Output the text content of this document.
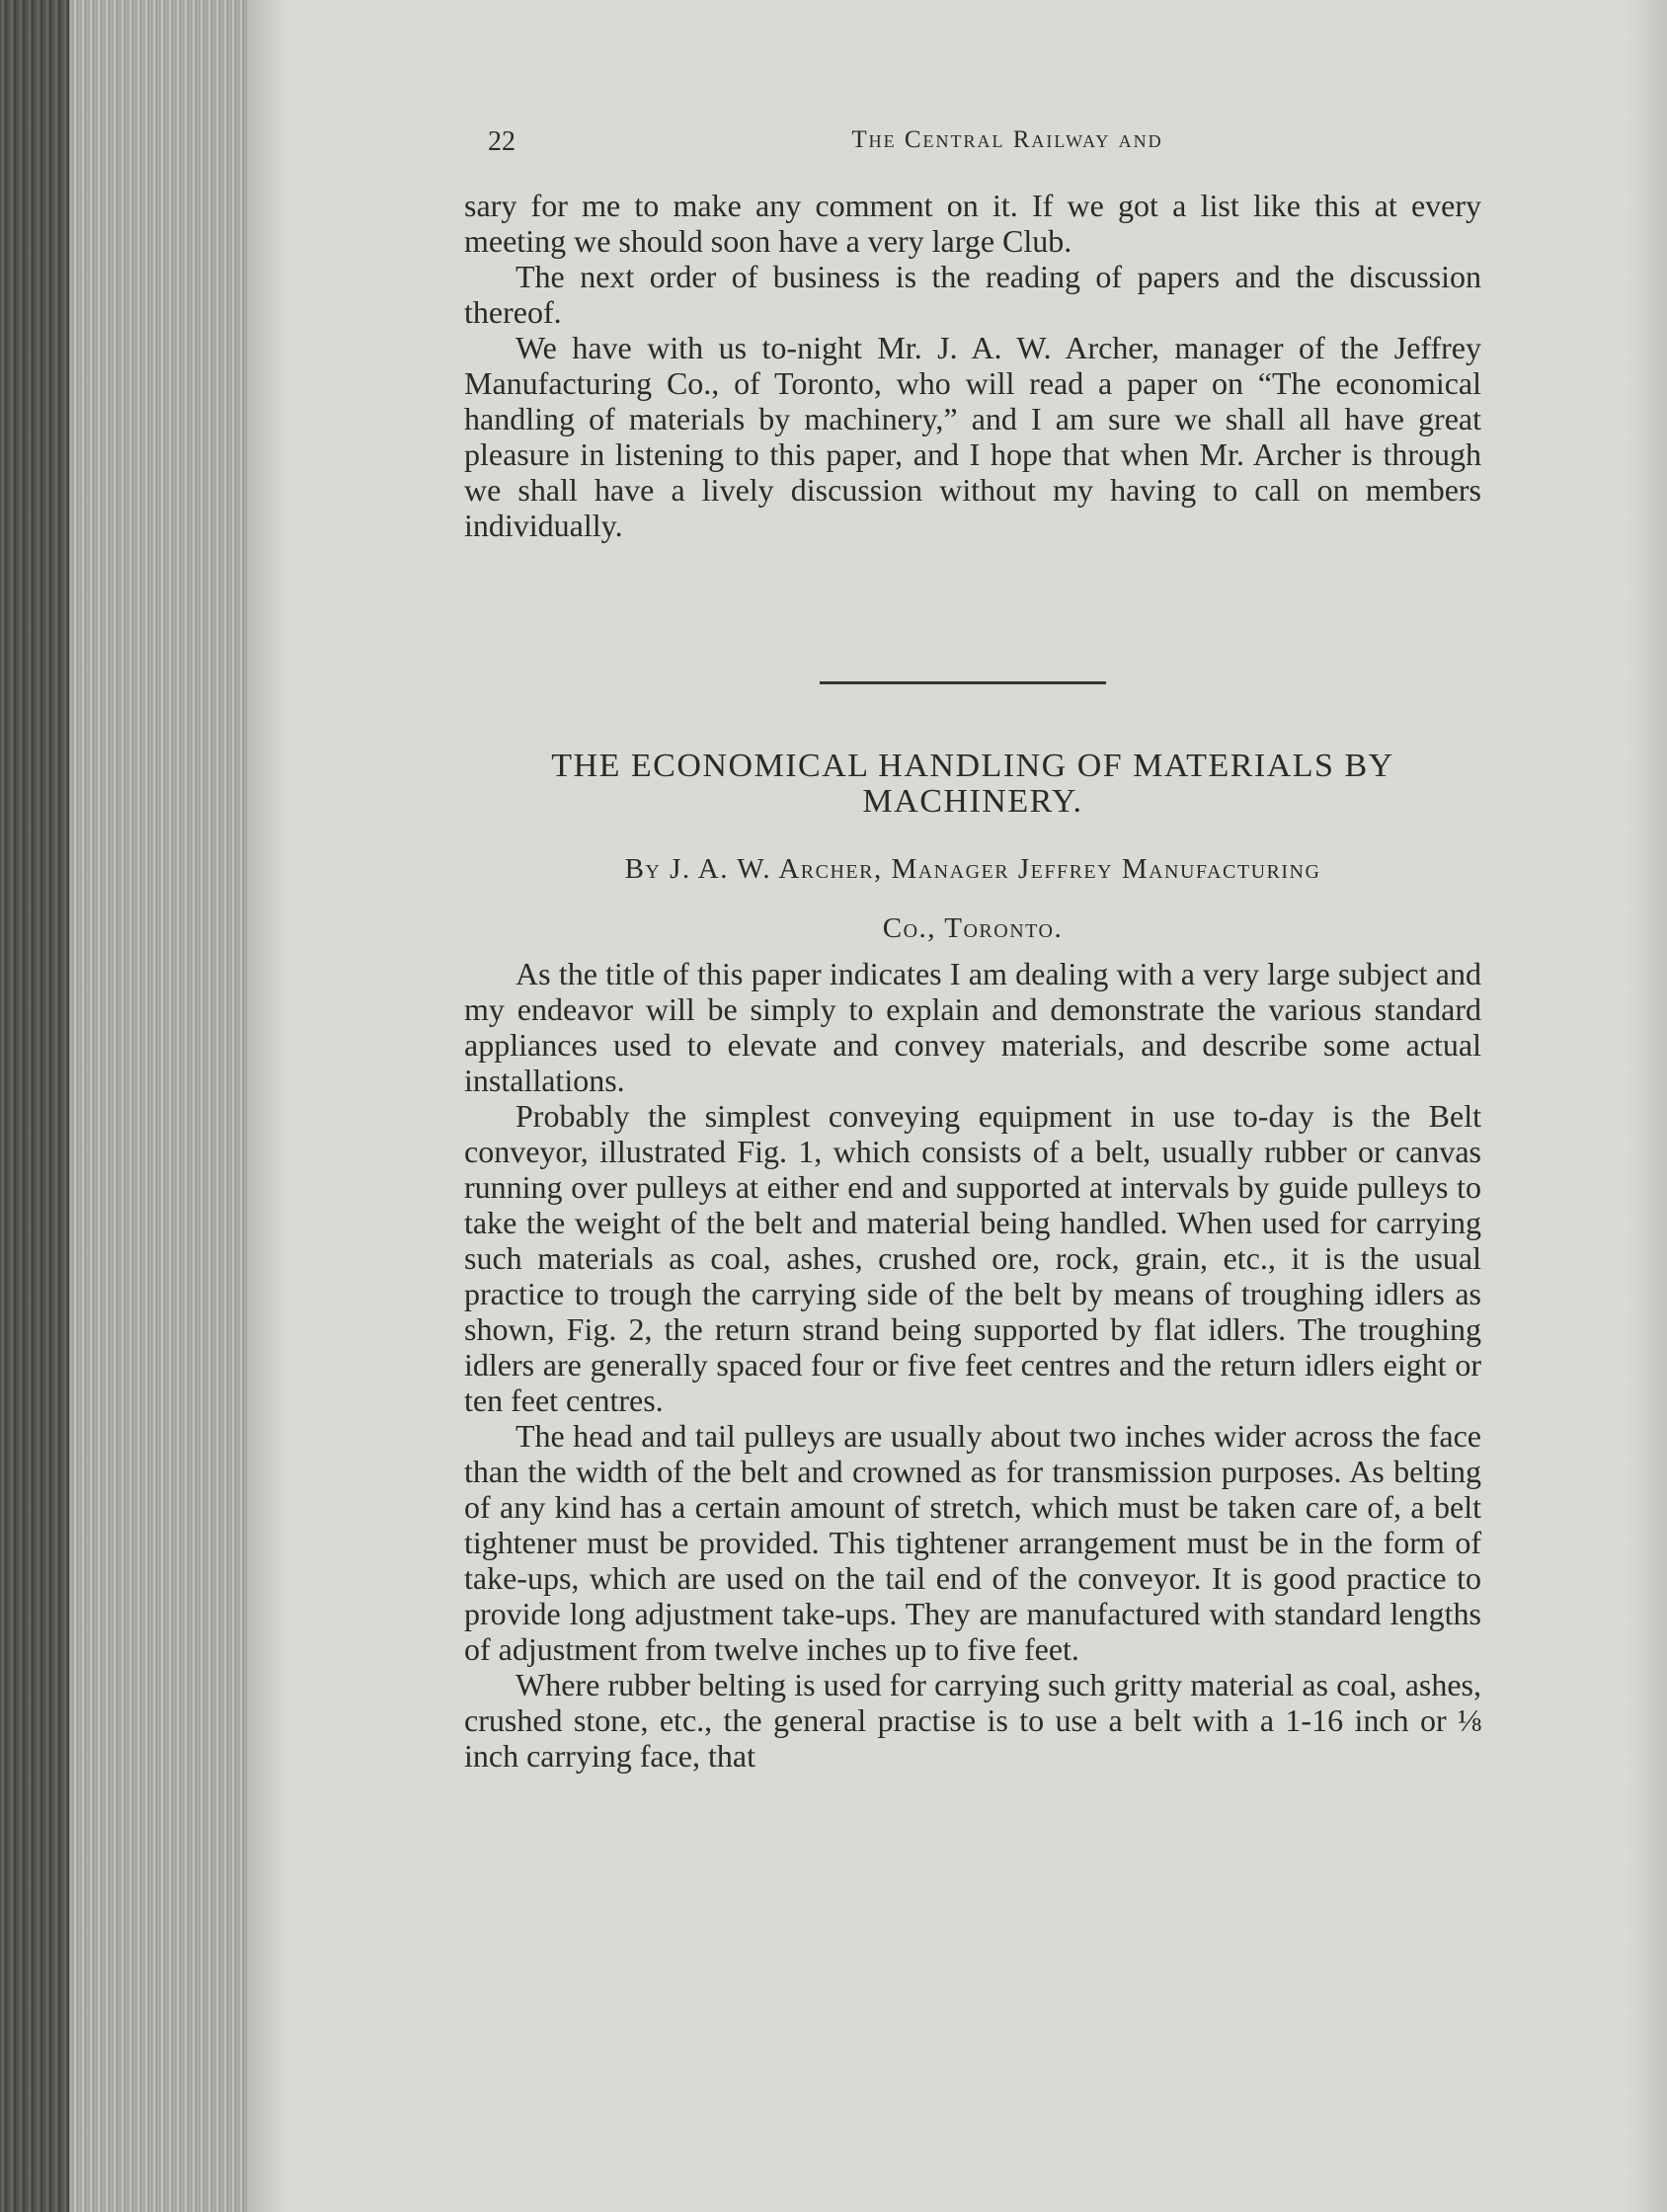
22	The Central Railway and

sary for me to make any comment on it. If we got a list like this at every meeting we should soon have a very large Club.

The next order of business is the reading of papers and the discussion thereof.

We have with us to-night Mr. J. A. W. Archer, manager of the Jeffrey Manufacturing Co., of Toronto, who will read a paper on “The economical handling of materials by machinery,” and I am sure we shall all have great pleasure in listening to this paper, and I hope that when Mr. Archer is through we shall have a lively discussion without my having to call on members individually.

THE ECONOMICAL HANDLING OF MATERIALS BY
MACHINERY.
By J. A. W. Archer, Manager Jeffrey Manufacturing
Co., Toronto.

As the title of this paper indicates I am dealing with a very large subject and my endeavor will be simply to explain and demonstrate the various standard appliances used to elevate and convey materials, and describe some actual installations.

Probably the simplest conveying equipment in use to-day is the Belt conveyor, illustrated Fig. 1, which consists of a belt, usually rubber or canvas running over pulleys at either end and supported at intervals by guide pulleys to take the weight of the belt and material being handled. When used for carrying such materials as coal, ashes, crushed ore, rock, grain, etc., it is the usual practice to trough the carrying side of the belt by means of troughing idlers as shown, Fig. 2, the return strand being supported by flat idlers. The troughing idlers are generally spaced four or five feet centres and the return idlers eight or ten feet centres.

The head and tail pulleys are usually about two inches wider across the face than the width of the belt and crowned as for transmission purposes. As belting of any kind has a certain amount of stretch, which must be taken care of, a belt tightener must be provided. This tightener arrangement must be in the form of take-ups, which are used on the tail end of the conveyor. It is good practice to provide long adjustment take-ups. They are manufactured with standard lengths of adjustment from twelve inches up to five feet.

Where rubber belting is used for carrying such gritty material as coal, ashes, crushed stone, etc., the general practise is to use a belt with a 1-16 inch or ⅛ inch carrying face, that
